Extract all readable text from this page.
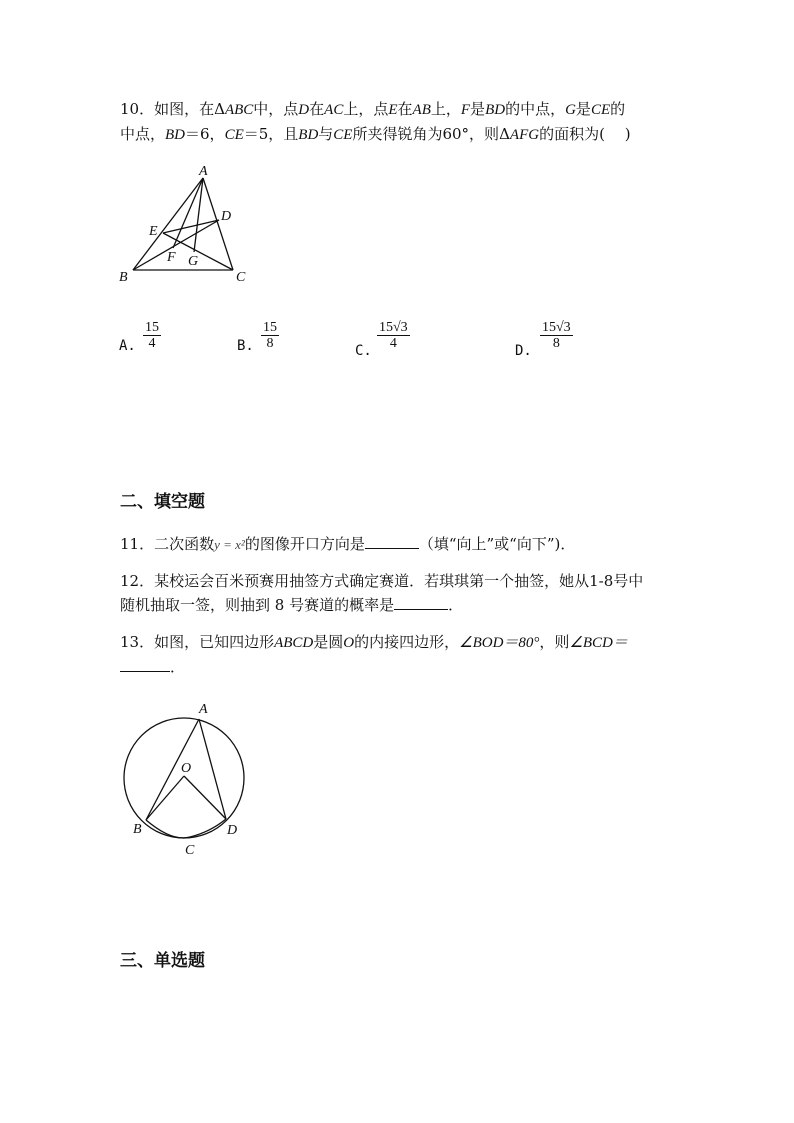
10．如图，在ΔABC中，点D在AC上，点E在AB上，F是BD的中点，G是CE的
中点，BD＝6，CE＝5，且BD与CE所夹得锐角为60°，则ΔAFG的面积为(　 )
A
D
E
F G
B	C
A.
15
4	B.
15
8	C.
15√3
4	D.
15√3
8
二、填空题
11．二次函数y = x²的图像开口方向是	（填“向上”或“向下”)．
12．某校运会百米预赛用抽签方式确定赛道．若琪琪第一个抽签，她从1-8号中
随机抽取一签，则抽到 8 号赛道的概率是	．
13．如图，已知四边形ABCD是圆O的内接四边形，∠BOD＝80°，则∠BCD＝
．
A
O
B
C
D
三、单选题
